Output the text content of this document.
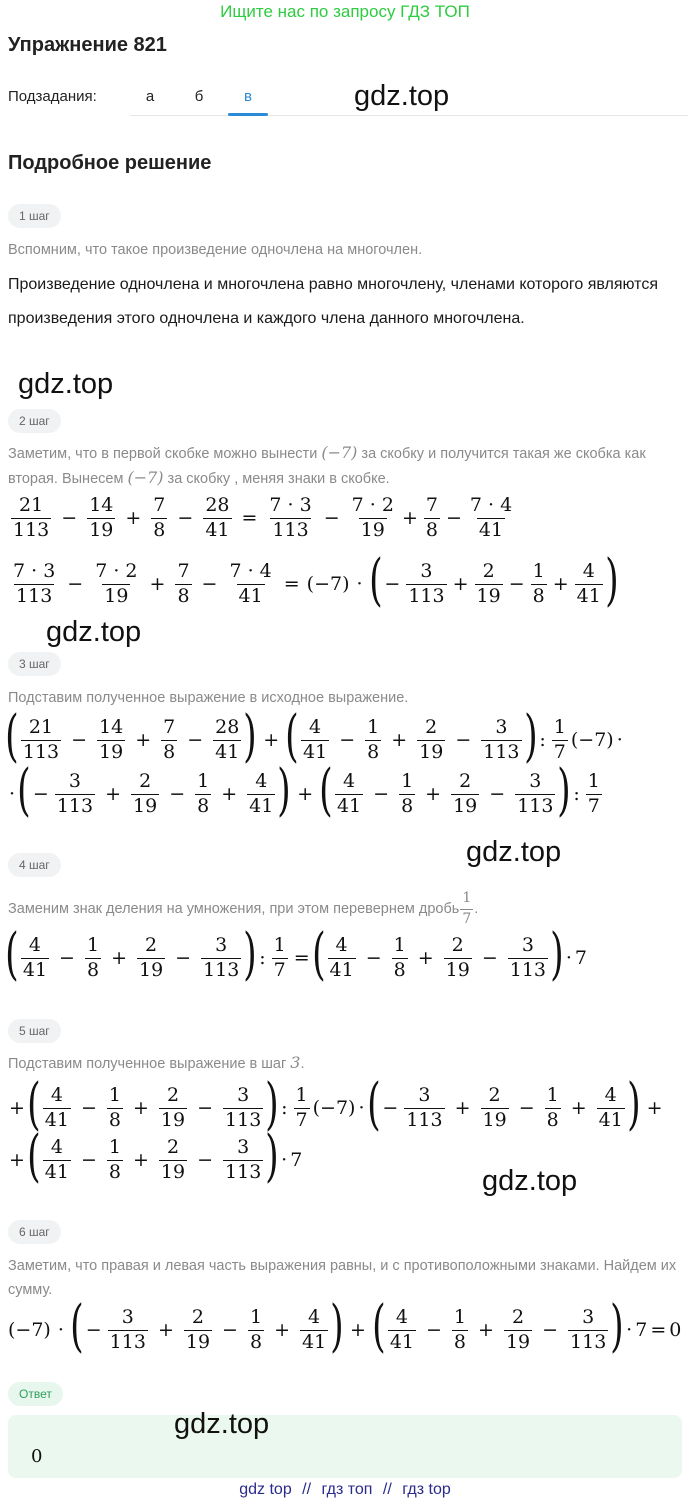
Ищите нас по запросу ГДЗ ТОП
Упражнение 821
Подзадания:	а	б	в	gdz.top
Подробное решение
1 шаг
Вспомним, что такое произведение одночлена на многочлен.
Произведение одночлена и многочлена равно многочлену, членами которого являются произведения этого одночлена и каждого члена данного многочлена.
gdz.top
2 шаг
Заметим, что в первой скобке можно вынести (−7) за скобку и получится такая же скобка как вторая. Вынесем (−7) за скобку , меняя знаки в скобке.
$\frac{21}{113} - \frac{14}{19} + \frac{7}{8} - \frac{28}{41} = \frac{7 \cdot 3}{113} - \frac{7 \cdot 2}{19} + \frac{7}{8} - \frac{7 \cdot 4}{41}$
$\frac{7 \cdot 3}{113} - \frac{7 \cdot 2}{19} + \frac{7}{8} - \frac{7 \cdot 4}{41} = (-7)$ · ( − $\frac{3}{113} + \frac{2}{19} - \frac{1}{8} + \frac{4}{41}$ )
gdz.top
3 шаг
Подставим полученное выражение в исходное выражение.
( $\frac{21}{113} - \frac{14}{19} + \frac{7}{8} - \frac{28}{41}$ ) + ( $\frac{4}{41} - \frac{1}{8} + \frac{2}{19} - \frac{3}{113}$ ) : $\frac{1}{7} (-7)$ ·
· ( − $\frac{3}{113} + \frac{2}{19} - \frac{1}{8} + \frac{4}{41}$ ) + ( $\frac{4}{41} - \frac{1}{8} + \frac{2}{19} - \frac{3}{113}$ ) : $\frac{1}{7}$
4 шаг	gdz.top
Заменим знак деления на умножения, при этом перевернем дробь $\frac{1}{7}$ .
( $\frac{4}{41} - \frac{1}{8} + \frac{2}{19} - \frac{3}{113}$ ) : $\frac{1}{7}$ = ( $\frac{4}{41} - \frac{1}{8} + \frac{2}{19} - \frac{3}{113}$ ) · 7
5 шаг
Подставим полученное выражение в шаг 3.
+ ( $\frac{4}{41} - \frac{1}{8} + \frac{2}{19} - \frac{3}{113}$ ) : $\frac{1}{7} (-7)$ · ( − $\frac{3}{113} + \frac{2}{19} - \frac{1}{8} + \frac{4}{41}$ ) +
+ ( $\frac{4}{41} - \frac{1}{8} + \frac{2}{19} - \frac{3}{113}$ ) · 7
gdz.top
6 шаг
Заметим, что правая и левая часть выражения равны, и с противоположными знаками. Найдем их сумму.
(−7) · ( − $\frac{3}{113} + \frac{2}{19} - \frac{1}{8} + \frac{4}{41}$ ) + ( $\frac{4}{41} - \frac{1}{8} + \frac{2}{19} - \frac{3}{113}$ ) · 7 = 0
Ответ
gdz.top
0
gdz top // гдз топ // гдз top
